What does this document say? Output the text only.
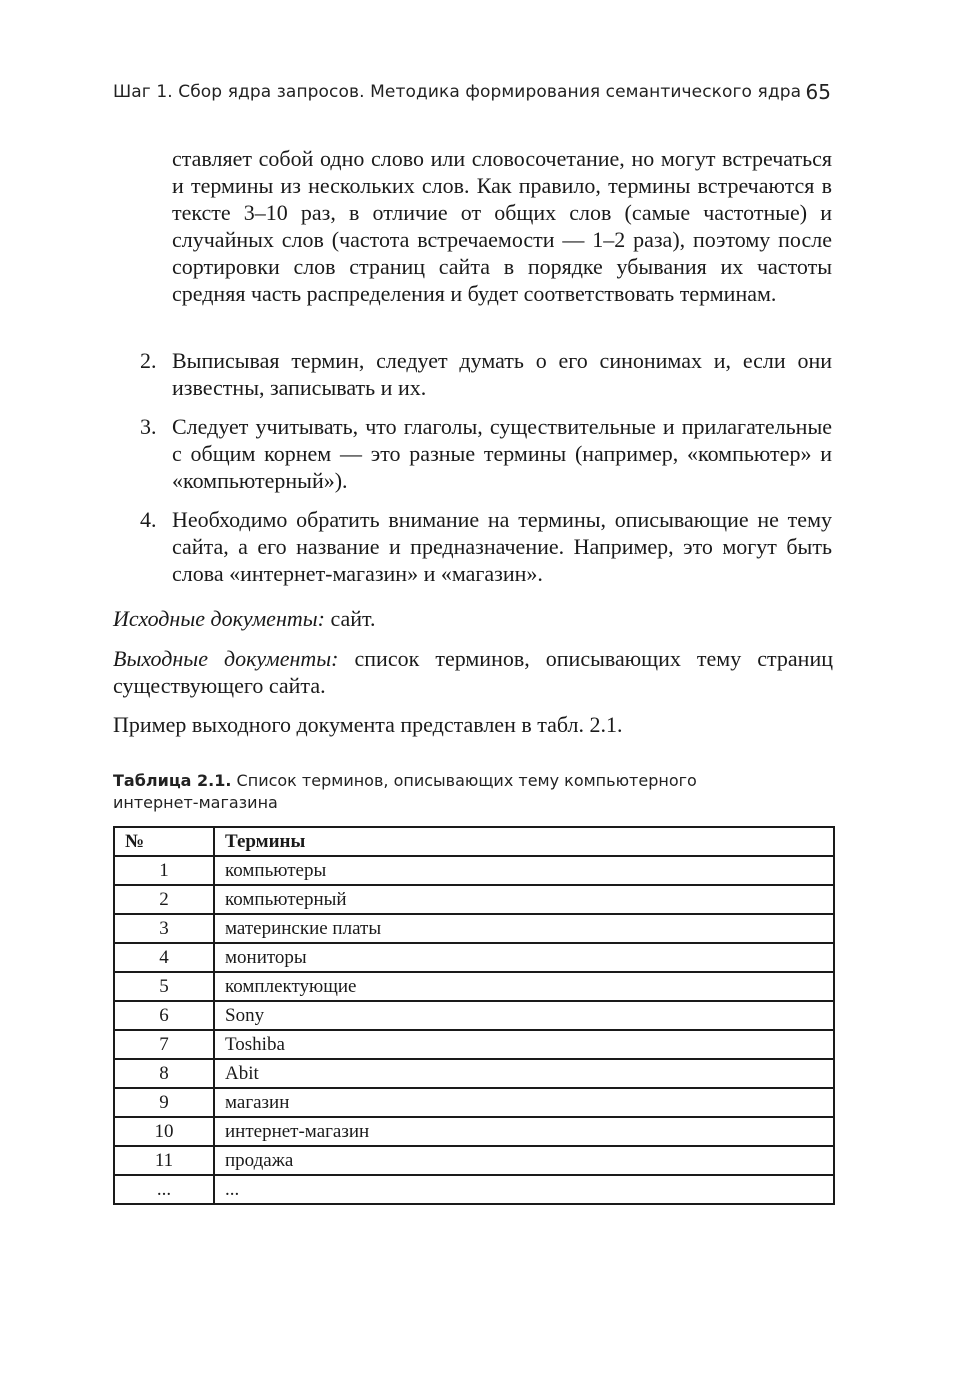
Шаг 1. Сбор ядра запросов. Методика формирования семантического ядра 65
ставляет собой одно слово или словосочетание, но могут встречаться и термины из нескольких слов. Как правило, термины встречаются в тексте 3–10 раз, в отличие от общих слов (самые частотные) и случайных слов (частота встречаемости — 1–2 раза), поэтому после сортировки слов страниц сайта в порядке убывания их частоты средняя часть распределения и будет соответствовать терминам.
2. Выписывая термин, следует думать о его синонимах и, если они известны, записывать и их.
3. Следует учитывать, что глаголы, существительные и прилагательные с общим корнем — это разные термины (например, «компьютер» и «компьютерный»).
4. Необходимо обратить внимание на термины, описывающие не тему сайта, а его название и предназначение. Например, это могут быть слова «интернет-магазин» и «магазин».
Исходные документы: сайт.
Выходные документы: список терминов, описывающих тему страниц существующего сайта.
Пример выходного документа представлен в табл. 2.1.
Таблица 2.1. Список терминов, описывающих тему компьютерного интернет-магазина
№	Термины
1	компьютеры
2	компьютерный
3	материнские платы
4	мониторы
5	комплектующие
6	Sony
7	Toshiba
8	Abit
9	магазин
10	интернет-магазин
11	продажа
...	...
